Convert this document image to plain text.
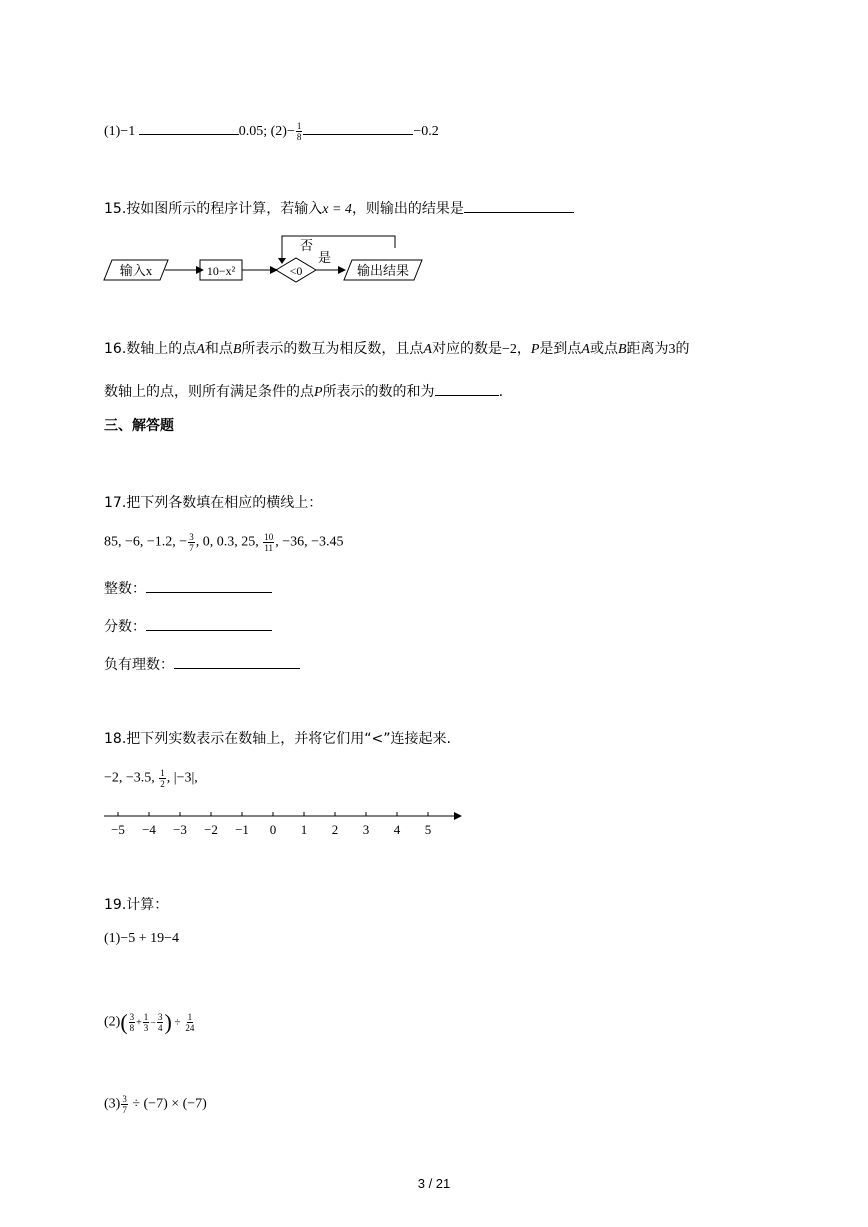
(1)−1	0.05; $(2)- \frac{1}{8}$	−0.2
15.按如图所示的程序计算，若输入x = 4，则输出的结果是
输入x	10−x²	<0
否
是
输出结果
16.数轴上的点A和点B所表示的数互为相反数，且点A对应的数是−2，P是到点A或点B距离为3的
数轴上的点，则所有满足条件的点P所表示的数的和为	.
三、解答题
17.把下列各数填在相应的横线上：
85, −6, −1.2, − $\frac{3}{7}$ , 0, 0.3, 25, $\frac{10}{11}$ , −36, −3.45
整数：
分数：
负有理数：
18.把下列实数表示在数轴上，并将它们用“<”连接起来.
−2, −3.5, $\frac{1}{2}$ , |−3|,
−5 −4 −3 −2 −1 0 1 2 3 4 5
19.计算：
(1)−5 + 19−4
$(2)( \frac{3}{8} + \frac{1}{3} - \frac{3}{4}$ ) ÷ $\frac{1}{24}$
$(3) \frac{3}{7} \div (-7) \times (-7)$
3 / 21
